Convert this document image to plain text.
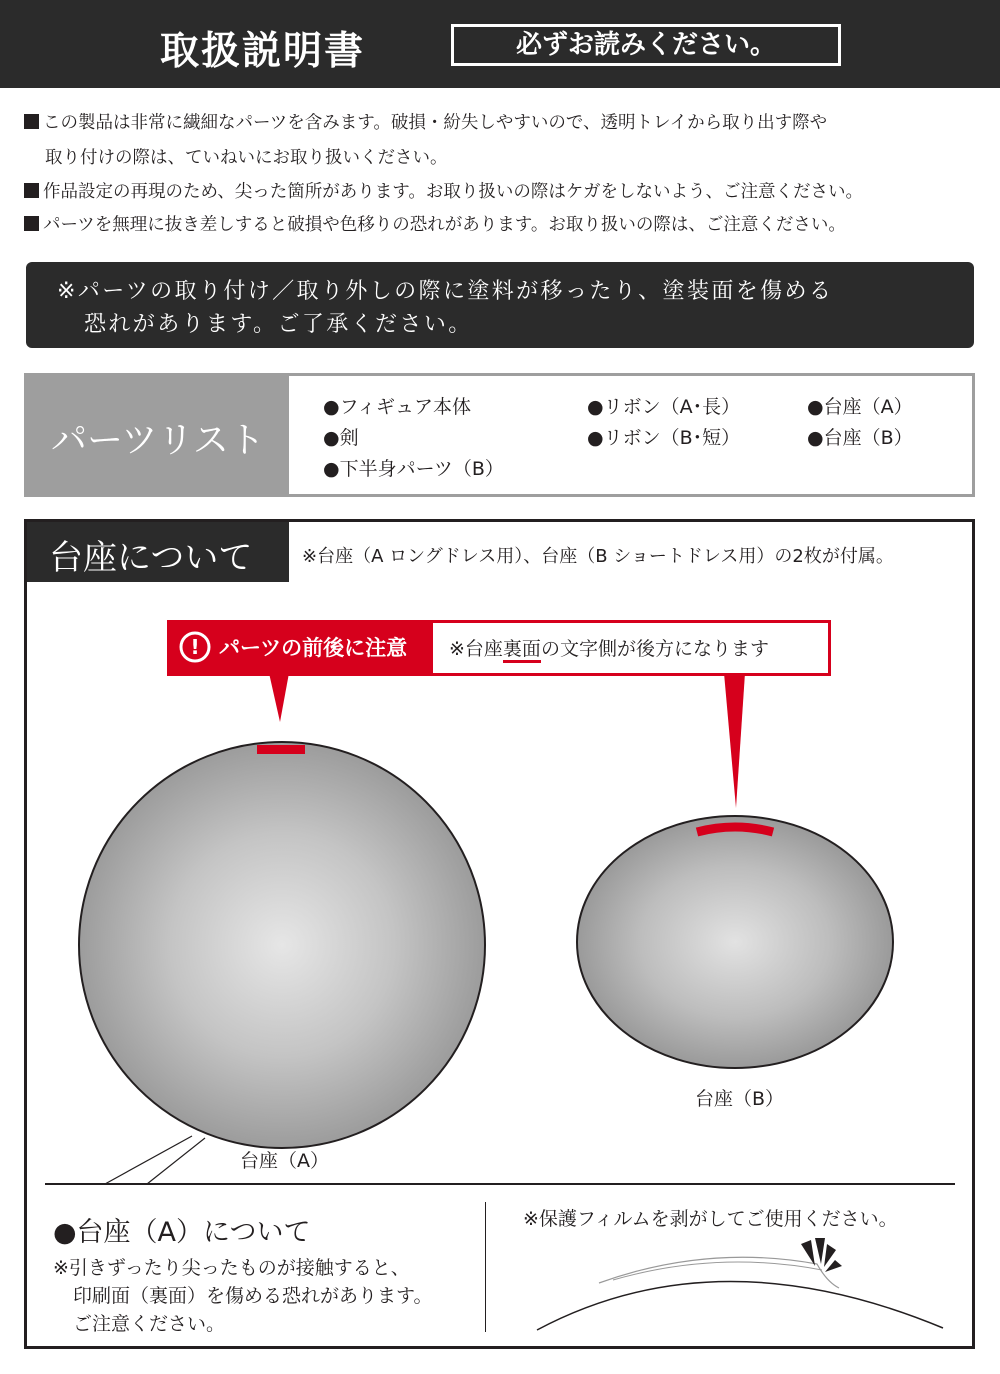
取扱説明書	必ずお読みください。
この製品は非常に繊細なパーツを含みます。破損・紛失しやすいので、透明トレイから取り出す際や
取り付けの際は、ていねいにお取り扱いください。
作品設定の再現のため、尖った箇所があります。お取り扱いの際はケガをしないよう、ご注意ください。
パーツを無理に抜き差しすると破損や色移りの恐れがあります。お取り扱いの際は、ご注意ください。
※パーツの取り付け／取り外しの際に塗料が移ったり、塗装面を傷める
恐れがあります。ご了承ください。
パーツリスト
●フィギュア本体
●剣
●下半身パーツ（B）
●リボン（A･長）
●リボン（B･短）
●台座（A）
●台座（B）
台座について	※台座（A ロングドレス用）、台座（B ショートドレス用）の2枚が付属。
! パーツの前後に注意 ※台座裏面の文字側が後方になります
台座（A）
台座（B）
●台座（A）について
※引きずったり尖ったものが接触すると、
印刷面（裏面）を傷める恐れがあります。
ご注意ください。
※保護フィルムを剥がしてご使用ください。
